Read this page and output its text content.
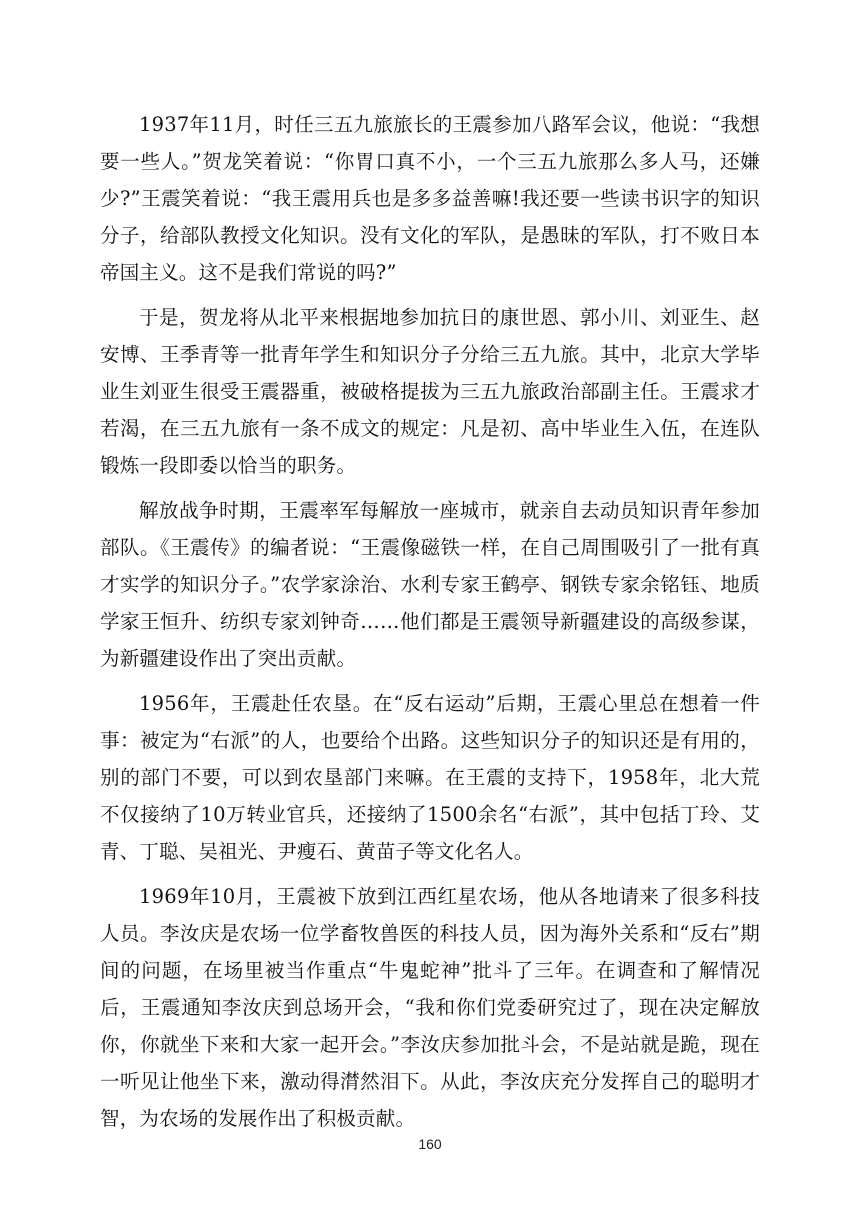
1937年11月，时任三五九旅旅长的王震参加八路军会议，他说：“我想要一些人。”贺龙笑着说：“你胃口真不小，一个三五九旅那么多人马，还嫌少?”王震笑着说：“我王震用兵也是多多益善嘛!我还要一些读书识字的知识分子，给部队教授文化知识。没有文化的军队，是愚昧的军队，打不败日本帝国主义。这不是我们常说的吗?”

于是，贺龙将从北平来根据地参加抗日的康世恩、郭小川、刘亚生、赵安博、王季青等一批青年学生和知识分子分给三五九旅。其中，北京大学毕业生刘亚生很受王震器重，被破格提拔为三五九旅政治部副主任。王震求才若渴，在三五九旅有一条不成文的规定：凡是初、高中毕业生入伍，在连队锻炼一段即委以恰当的职务。

解放战争时期，王震率军每解放一座城市，就亲自去动员知识青年参加部队。《王震传》的编者说：“王震像磁铁一样，在自己周围吸引了一批有真才实学的知识分子。”农学家涂治、水利专家王鹤亭、钢铁专家余铭钰、地质学家王恒升、纺织专家刘钟奇……他们都是王震领导新疆建设的高级参谋，为新疆建设作出了突出贡献。

1956年，王震赴任农垦。在“反右运动”后期，王震心里总在想着一件事：被定为“右派”的人，也要给个出路。这些知识分子的知识还是有用的，别的部门不要，可以到农垦部门来嘛。在王震的支持下，1958年，北大荒不仅接纳了10万转业官兵，还接纳了1500余名“右派”，其中包括丁玲、艾青、丁聪、吴祖光、尹瘦石、黄苗子等文化名人。

1969年10月，王震被下放到江西红星农场，他从各地请来了很多科技人员。李汝庆是农场一位学畜牧兽医的科技人员，因为海外关系和“反右”期间的问题，在场里被当作重点“牛鬼蛇神”批斗了三年。在调查和了解情况后，王震通知李汝庆到总场开会，“我和你们党委研究过了，现在决定解放你，你就坐下来和大家一起开会。”李汝庆参加批斗会，不是站就是跪，现在一听见让他坐下来，激动得潸然泪下。从此，李汝庆充分发挥自己的聪明才智，为农场的发展作出了积极贡献。

160
